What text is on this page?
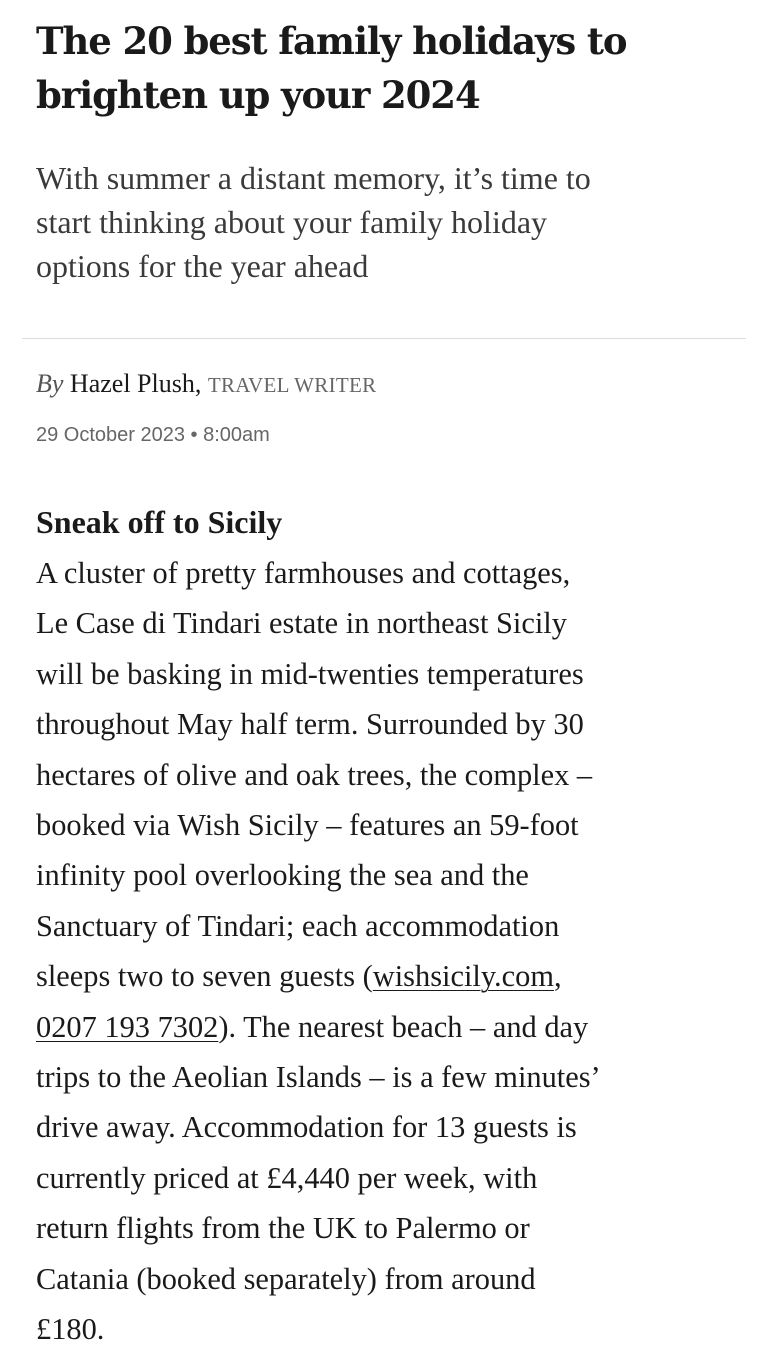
The 20 best family holidays to
brighten up your 2024

With summer a distant memory, it’s time to
start thinking about your family holiday
options for the year ahead

By Hazel Plush, TRAVEL WRITER
29 October 2023 • 8:00am
Sneak off to Sicily

A cluster of pretty farmhouses and cottages,
Le Case di Tindari estate in northeast Sicily
will be basking in mid-twenties temperatures
throughout May half term. Surrounded by 30
hectares of olive and oak trees, the complex –
booked via Wish Sicily – features an 59-foot
infinity pool overlooking the sea and the
Sanctuary of Tindari; each accommodation
sleeps two to seven guests (wishsicily.com,
0207 193 7302). The nearest beach – and day
trips to the Aeolian Islands – is a few minutes’
drive away. Accommodation for 13 guests is
currently priced at £4,440 per week, with
return flights from the UK to Palermo or
Catania (booked separately) from around
£180.
